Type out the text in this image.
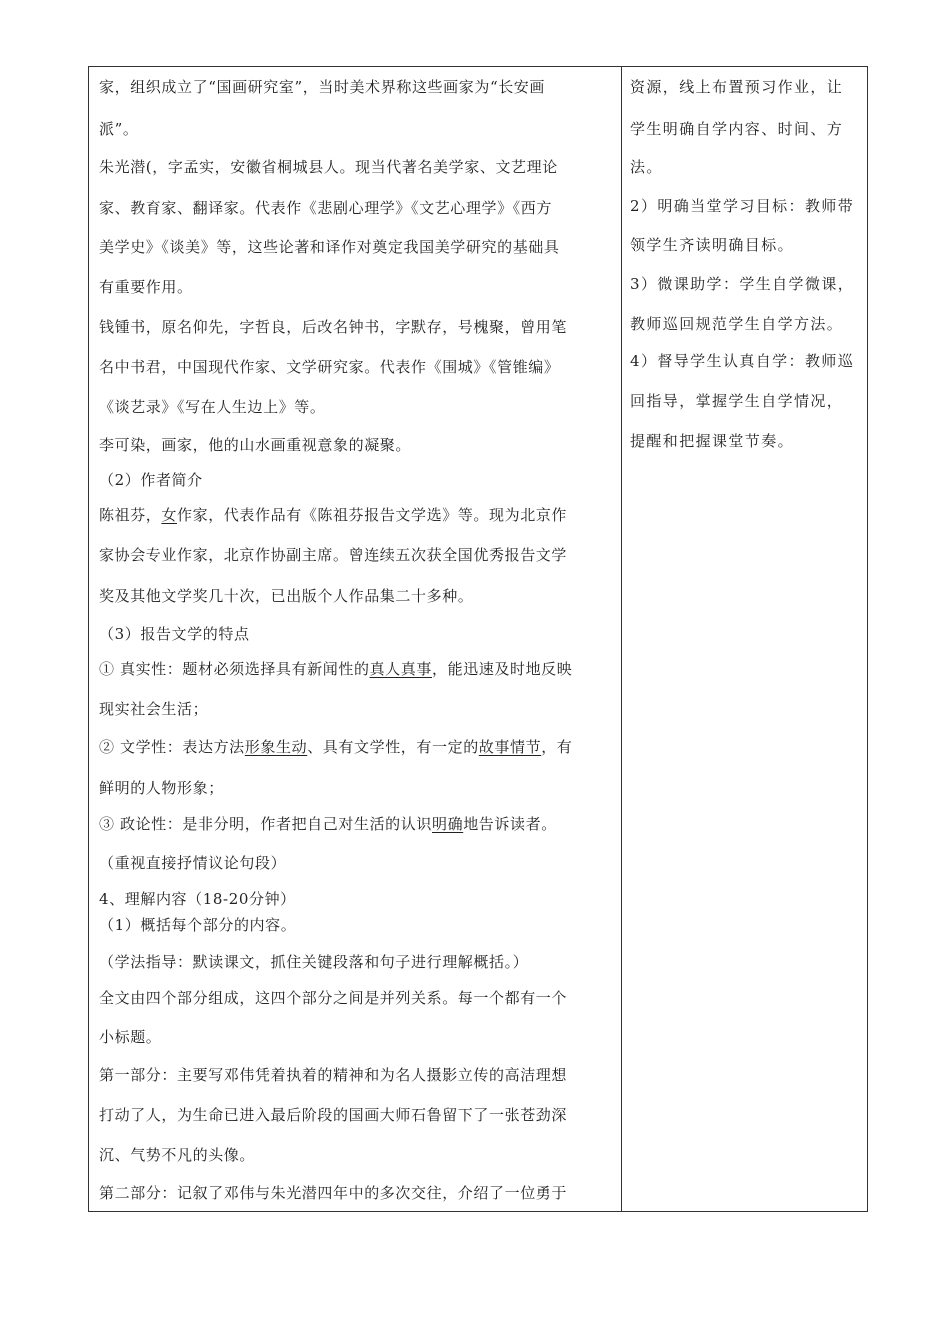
家，组织成立了“国画研究室”，当时美术界称这些画家为“长安画
派”。
朱光潜(，字孟实，安徽省桐城县人。现当代著名美学家、文艺理论
家、教育家、翻译家。代表作《悲剧心理学》《文艺心理学》《西方
美学史》《谈美》等，这些论著和译作对奠定我国美学研究的基础具
有重要作用。
钱锺书，原名仰先，字哲良，后改名钟书，字默存，号槐聚，曾用笔
名中书君，中国现代作家、文学研究家。代表作《围城》《管锥编》
《谈艺录》《写在人生边上》等。
李可染，画家，他的山水画重视意象的凝聚。
（2）作者简介
陈祖芬，女作家，代表作品有《陈祖芬报告文学选》等。现为北京作
家协会专业作家，北京作协副主席。曾连续五次获全国优秀报告文学
奖及其他文学奖几十次，已出版个人作品集二十多种。
（3）报告文学的特点
① 真实性：题材必须选择具有新闻性的真人真事，能迅速及时地反映
现实社会生活；
② 文学性：表达方法形象生动、具有文学性，有一定的故事情节，有
鲜明的人物形象；
③ 政论性：是非分明，作者把自己对生活的认识明确地告诉读者。
（重视直接抒情议论句段）
4、理解内容（18-20分钟）
（1）概括每个部分的内容。
（学法指导：默读课文，抓住关键段落和句子进行理解概括。）
全文由四个部分组成，这四个部分之间是并列关系。每一个都有一个
小标题。
第一部分：主要写邓伟凭着执着的精神和为名人摄影立传的高洁理想
打动了人，为生命已进入最后阶段的国画大师石鲁留下了一张苍劲深
沉、气势不凡的头像。
第二部分：记叙了邓伟与朱光潜四年中的多次交往，介绍了一位勇于
资源，线上布置预习作业，让
学生明确自学内容、时间、方
法。
2）明确当堂学习目标：教师带
领学生齐读明确目标。
3）微课助学：学生自学微课，
教师巡回规范学生自学方法。
4）督导学生认真自学：教师巡
回指导，掌握学生自学情况，
提醒和把握课堂节奏。
